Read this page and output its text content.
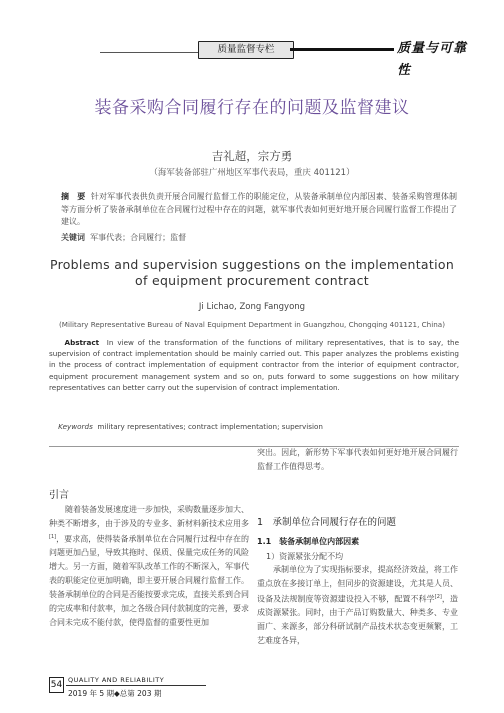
质量监督专栏	质量与可靠性
装备采购合同履行存在的问题及监督建议
吉礼超，宗方勇
（海军装备部驻广州地区军事代表局，重庆 401121）
摘　要 针对军事代表供负责开展合同履行监督工作的职能定位，从装备承制单位内部因素、装备采购管理体制等方面分析了装备承制单位在合同履行过程中存在的问题，就军事代表如何更好地开展合同履行监督工作提出了建议。
关键词 军事代表；合同履行；监督
Problems and supervision suggestions on the implementation
of equipment procurement contract
Ji Lichao, Zong Fangyong
(Military Representative Bureau of Naval Equipment Department in Guangzhou, Chongqing 401121, China)
Abstract In view of the transformation of the functions of military representatives, that is to say, the supervision of contract implementation should be mainly carried out. This paper analyzes the problems existing in the process of contract implementation of equipment contractor from the interior of equipment contractor, equipment procurement management system and so on, puts forward to some suggestions on how military representatives can better carry out the supervision of contract implementation.
Keywords military representatives; contract implementation; supervision
引言

随着装备发展速度进一步加快，采购数量逐步加大、种类不断增多，由于涉及的专业多、新材料新技术应用多[1]，要求高，使得装备承制单位在合同履行过程中存在的问题更加凸显，导致其拖时、保质、保量完成任务的风险增大。另一方面，随着军队改革工作的不断深入，军事代表的职能定位更加明确，即主要开展合同履行监督工作。装备承制单位的合同是否能按要求完成，直接关系到合同的完成率和付款率，加之各级合同付款制度的完善，要求合同未完成不能付款，使得监督的重要性更加

突出。因此，新形势下军事代表如何更好地开展合同履行监督工作值得思考。

1　承制单位合同履行存在的问题
1.1　装备承制单位内部因素
1）资源紧张分配不均

承制单位为了实现指标要求，提高经济效益，将工作重点放在多接订单上，但同步的资源建设，尤其是人员、设备及法规制度等资源建设投入不够，配置不科学[2]，造成资源紧张。同时，由于产品订购数量大、种类多、专业面广、来源多，部分科研试制产品技术状态变更频繁，工艺难度各异，

54 QUALITY AND RELIABILITY
2019 年 5 期◆总第 203 期
